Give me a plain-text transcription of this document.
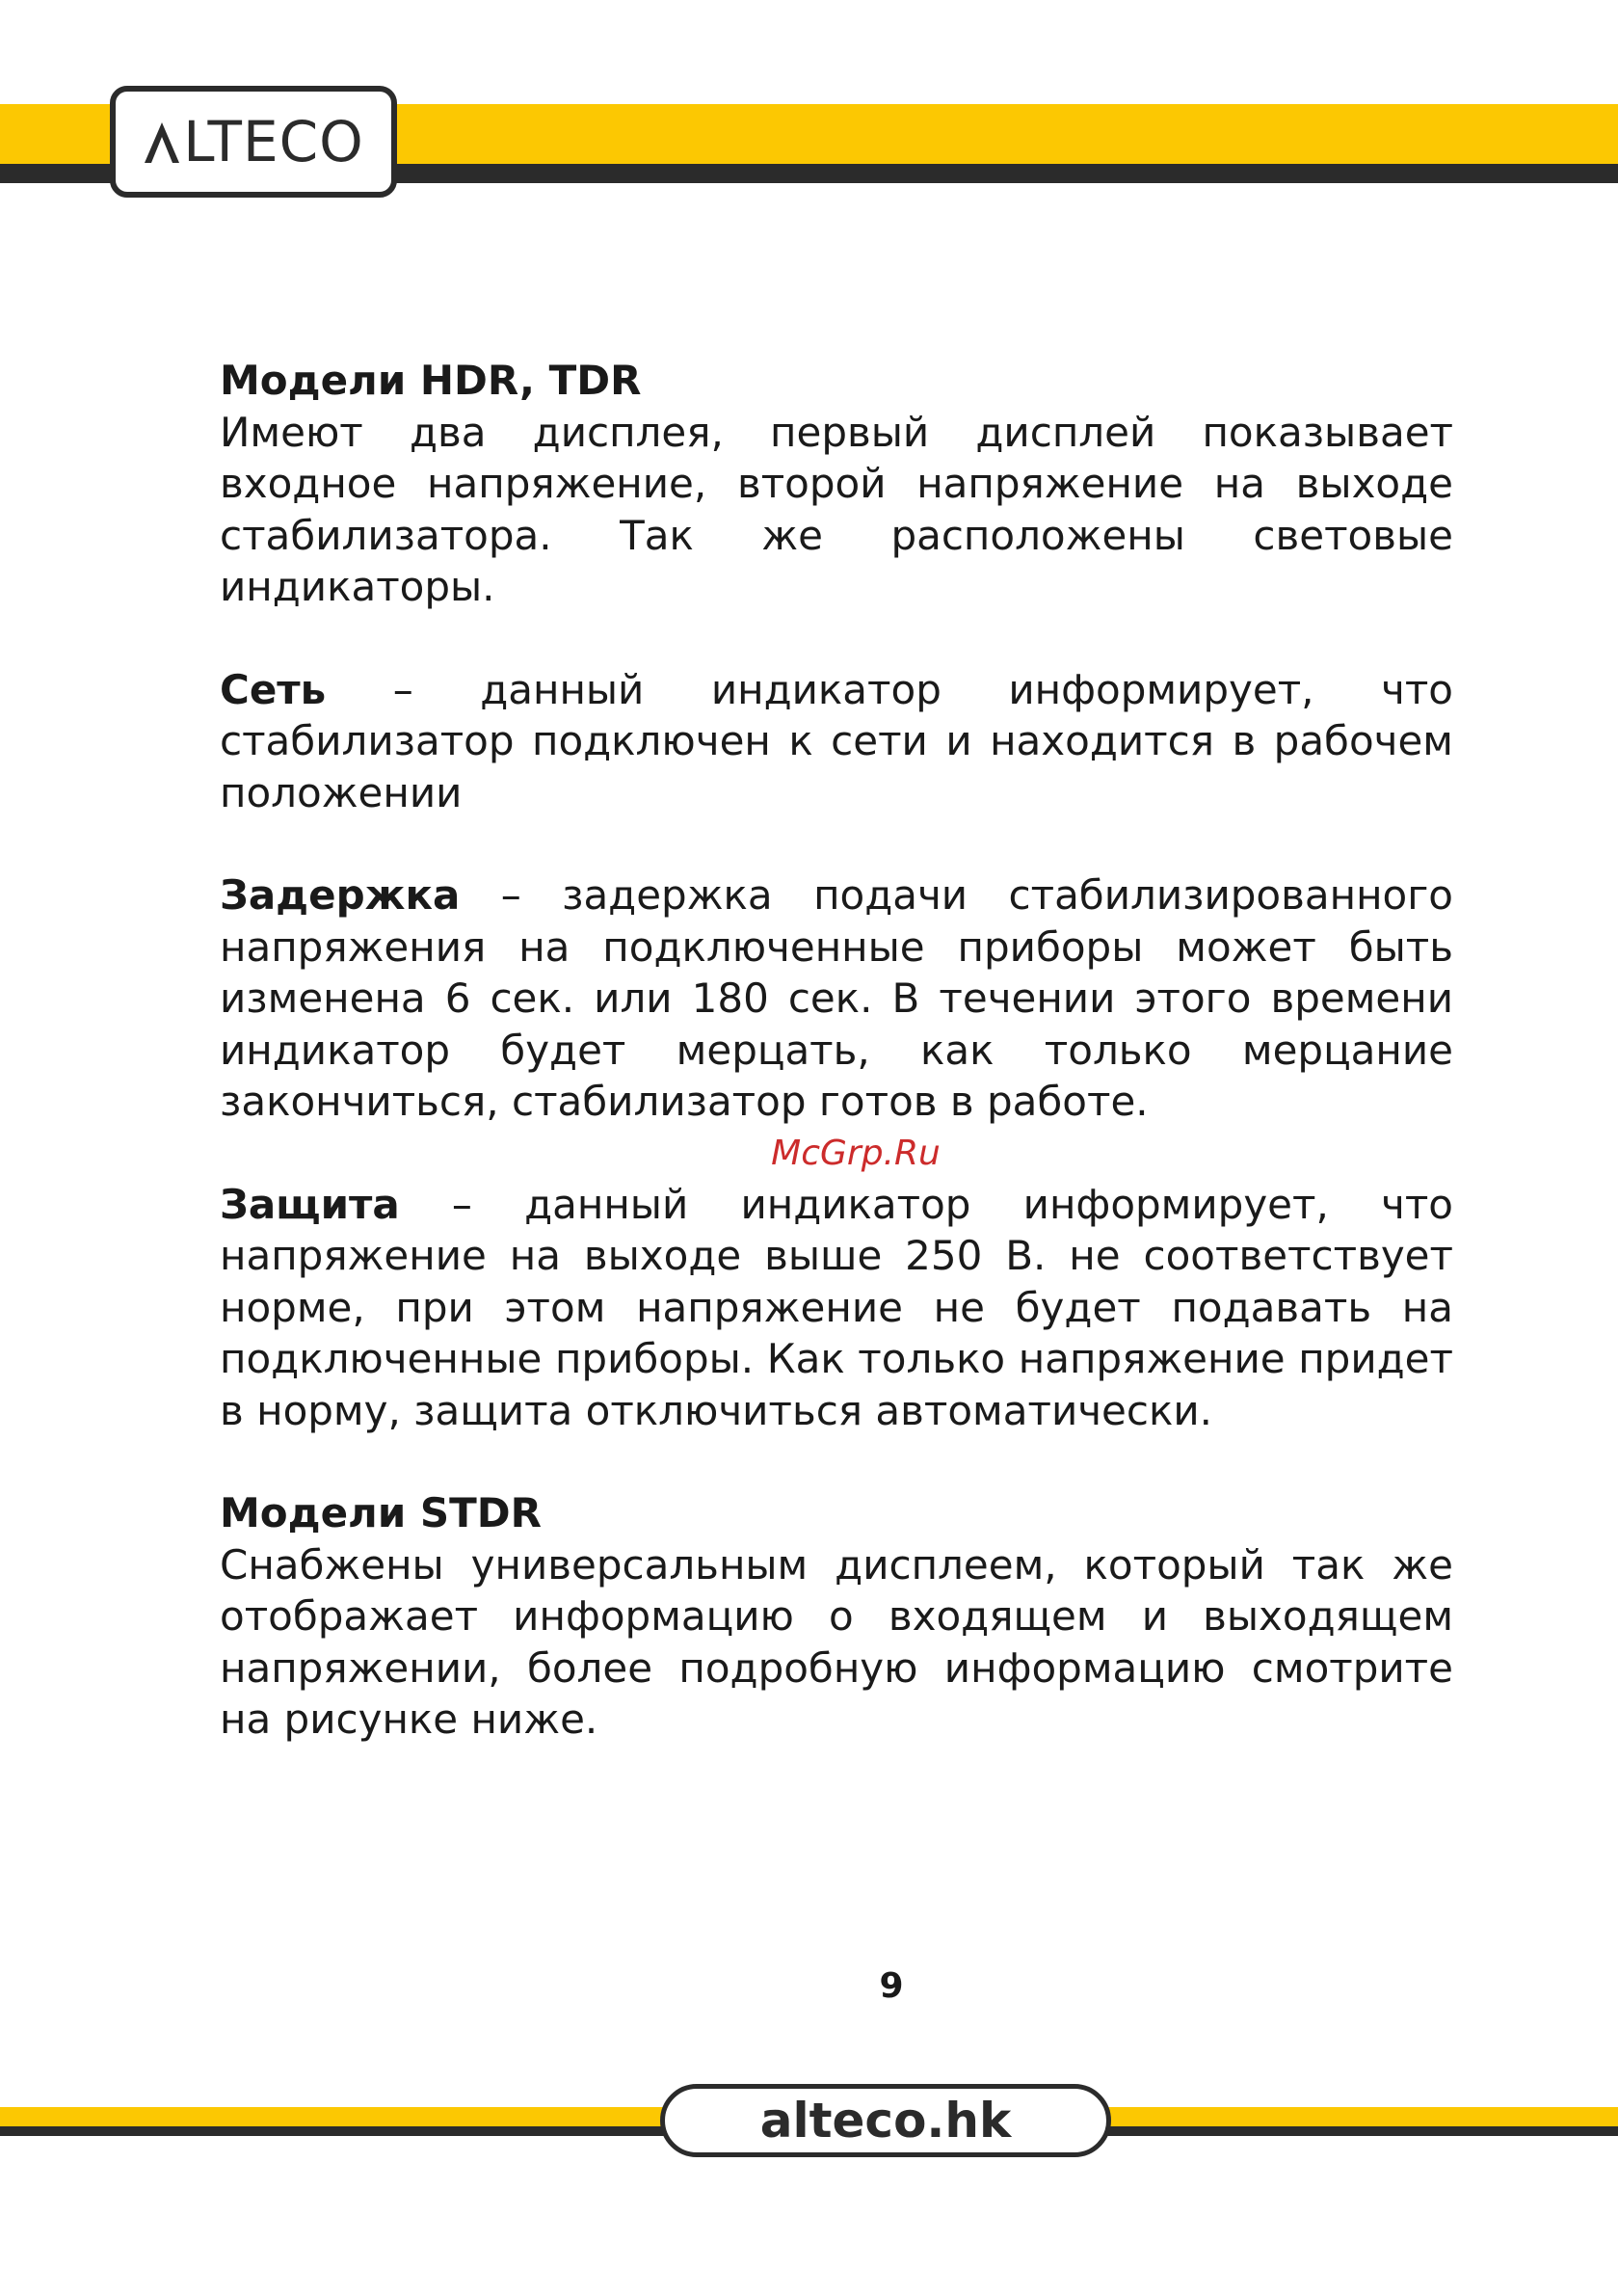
LTECO

Модели HDR, TDR

Имеют два дисплея, первый дисплей показывает входное напряжение, второй напряжение на выходе стабилизатора. Так же расположены световые индикаторы.

Сеть – данный индикатор информирует, что стабилизатор подключен к сети и находится в рабочем положении

Задержка – задержка подачи стабилизированного напряжения на подключенные приборы может быть изменена 6 сек. или 180 сек. В течении этого времени индикатор будет мерцать, как только мерцание закончиться, стабилизатор готов в работе.

McGrp.Ru

Защита – данный индикатор информирует, что напряжение на выходе выше 250 В. не соответствует норме, при этом напряжение не будет подавать на подключенные приборы. Как только напряжение придет в норму, защита отключиться автоматически.

Модели STDR

Снабжены универсальным дисплеем, который так же отображает информацию о входящем и выходящем напряжении, более подробную информацию смотрите на рисунке ниже.

9
alteco.hk
